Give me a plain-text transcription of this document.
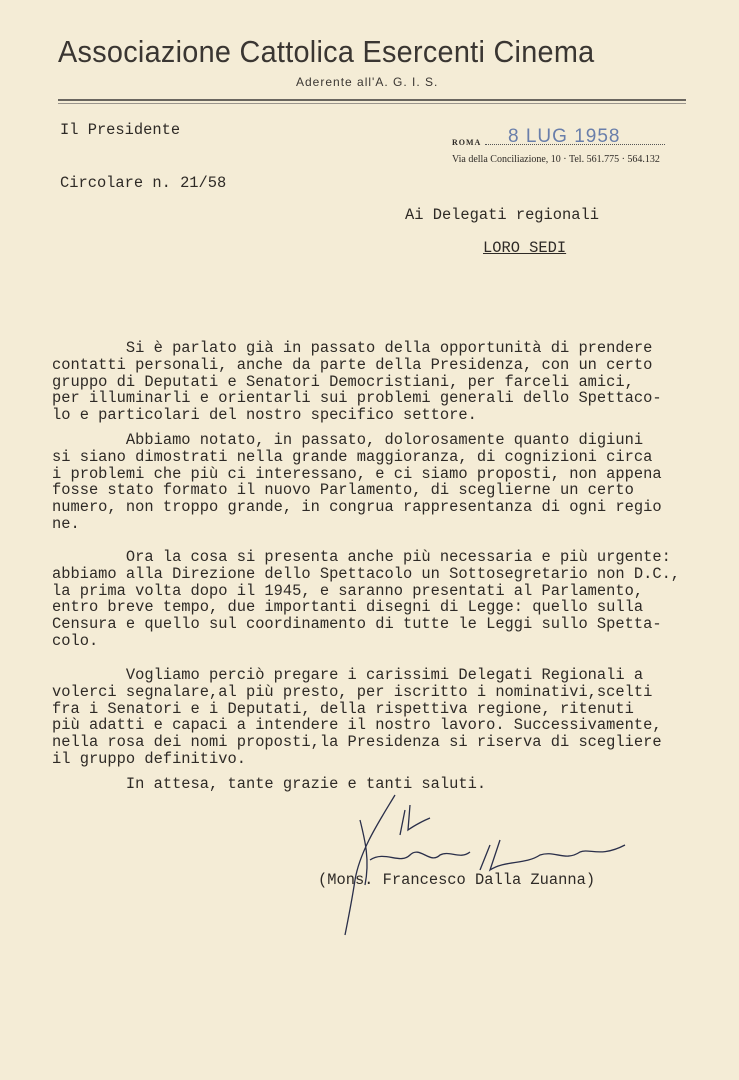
Associazione Cattolica Esercenti Cinema
Aderente all'A. G. I. S.
Il Presidente
ROMA 8 LUG 1958
Via della Conciliazione, 10 · Tel. 561.775 · 564.132
Circolare n. 21/58
Ai Delegati regionali
LORO SEDI
Si è parlato già in passato della opportunità di prendere
contatti personali, anche da parte della Presidenza, con un certo
gruppo di Deputati e Senatori Democristiani, per farceli amici,
per illuminarli e orientarli sui problemi generali dello Spettaco-
lo e particolari del nostro specifico settore.
Abbiamo notato, in passato, dolorosamente quanto digiuni
si siano dimostrati nella grande maggioranza, di cognizioni circa
i problemi che più ci interessano, e ci siamo proposti, non appena
fosse stato formato il nuovo Parlamento, di sceglierne un certo
numero, non troppo grande, in congrua rappresentanza di ogni regio
ne.
Ora la cosa si presenta anche più necessaria e più urgente:
abbiamo alla Direzione dello Spettacolo un Sottosegretario non D.C.,
la prima volta dopo il 1945, e saranno presentati al Parlamento,
entro breve tempo, due importanti disegni di Legge: quello sulla
Censura e quello sul coordinamento di tutte le Leggi sullo Spetta-
colo.
Vogliamo perciò pregare i carissimi Delegati Regionali a
volerci segnalare,al più presto, per iscritto i nominativi,scelti
fra i Senatori e i Deputati, della rispettiva regione, ritenuti
più adatti e capaci a intendere il nostro lavoro. Successivamente,
nella rosa dei nomi proposti,la Presidenza si riserva di scegliere
il gruppo definitivo.
In attesa, tante grazie e tanti saluti.
(Mons. Francesco Dalla Zuanna)
